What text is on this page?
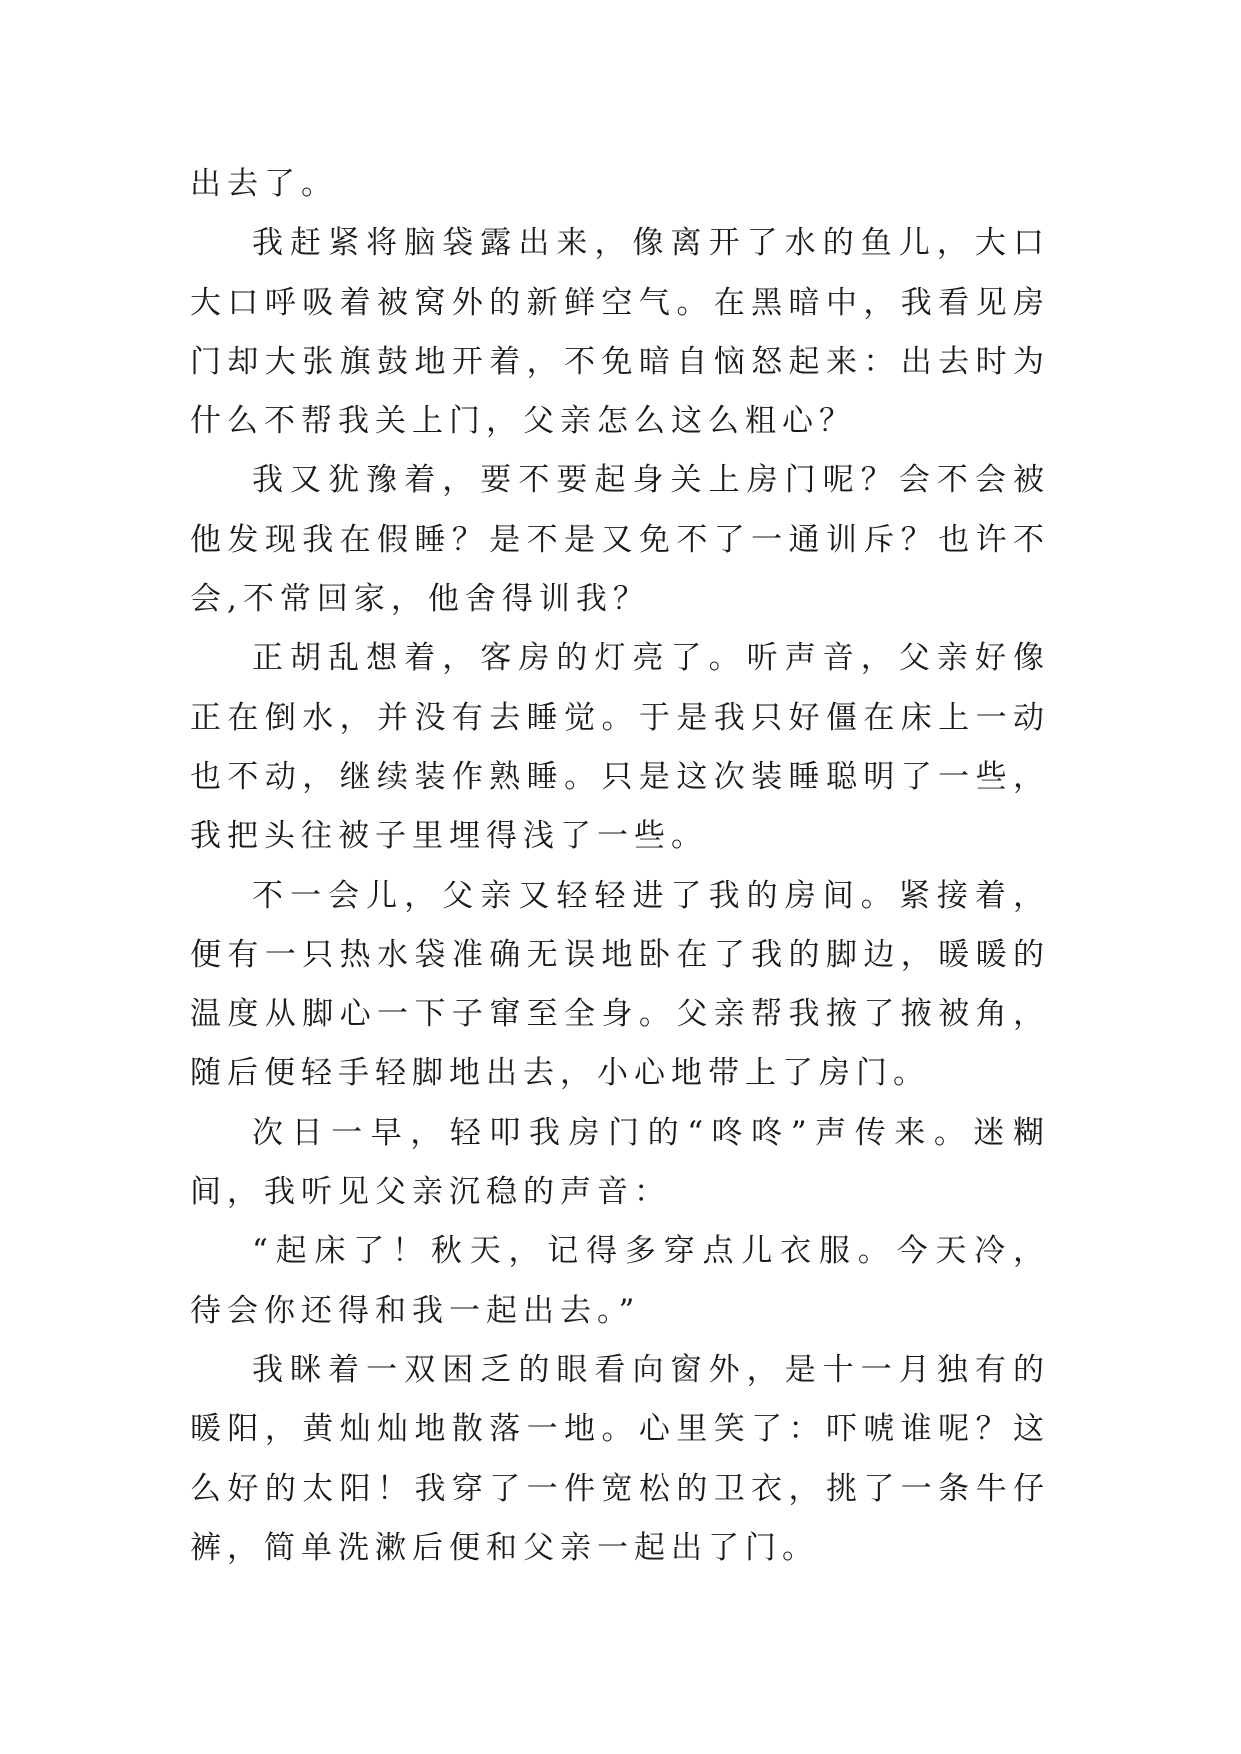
出去了。

我赶紧将脑袋露出来，像离开了水的鱼儿，大口大口呼吸着被窝外的新鲜空气。在黑暗中，我看见房门却大张旗鼓地开着，不免暗自恼怒起来：出去时为什么不帮我关上门，父亲怎么这么粗心？

我又犹豫着，要不要起身关上房门呢？会不会被他发现我在假睡？是不是又免不了一通训斥？也许不会,不常回家，他舍得训我？

正胡乱想着，客房的灯亮了。听声音，父亲好像正在倒水，并没有去睡觉。于是我只好僵在床上一动也不动，继续装作熟睡。只是这次装睡聪明了一些，我把头往被子里埋得浅了一些。

不一会儿，父亲又轻轻进了我的房间。紧接着，便有一只热水袋准确无误地卧在了我的脚边，暖暖的温度从脚心一下子窜至全身。父亲帮我掖了掖被角，随后便轻手轻脚地出去，小心地带上了房门。

次日一早，轻叩我房门的“咚咚”声传来。迷糊间，我听见父亲沉稳的声音：

“起床了！秋天，记得多穿点儿衣服。今天冷，待会你还得和我一起出去。”

我眯着一双困乏的眼看向窗外，是十一月独有的暖阳，黄灿灿地散落一地。心里笑了：吓唬谁呢？这么好的太阳！我穿了一件宽松的卫衣，挑了一条牛仔裤，简单洗漱后便和父亲一起出了门。
